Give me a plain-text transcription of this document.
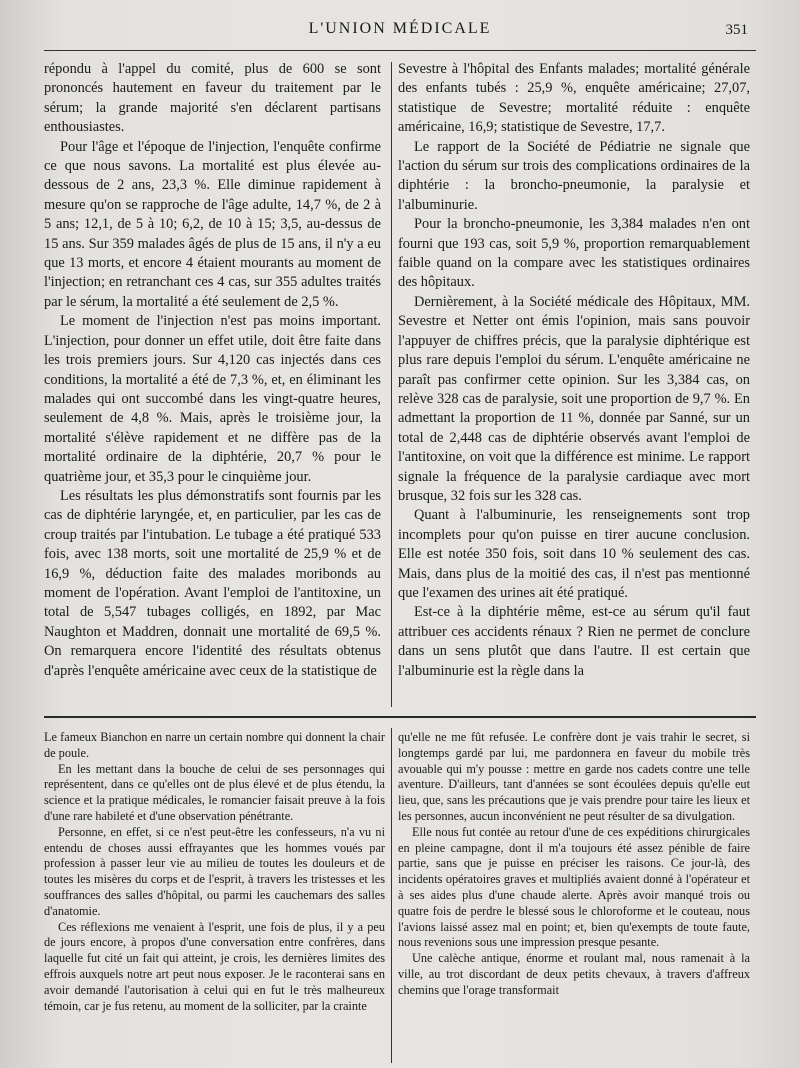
L'UNION MÉDICALE	351

répondu à l'appel du comité, plus de 600 se sont prononcés hautement en faveur du traitement par le sérum; la grande majorité s'en déclarent partisans enthousiastes.

Pour l'âge et l'époque de l'injection, l'enquête confirme ce que nous savons. La mortalité est plus élevée au-dessous de 2 ans, 23,3 %. Elle diminue rapidement à mesure qu'on se rapproche de l'âge adulte, 14,7 %, de 2 à 5 ans; 12,1, de 5 à 10; 6,2, de 10 à 15; 3,5, au-dessus de 15 ans. Sur 359 malades âgés de plus de 15 ans, il n'y a eu que 13 morts, et encore 4 étaient mourants au moment de l'injection; en retranchant ces 4 cas, sur 355 adultes traités par le sérum, la mortalité a été seulement de 2,5 %.

Le moment de l'injection n'est pas moins important. L'injection, pour donner un effet utile, doit être faite dans les trois premiers jours. Sur 4,120 cas injectés dans ces conditions, la mortalité a été de 7,3 %, et, en éliminant les malades qui ont succombé dans les vingt-quatre heures, seulement de 4,8 %. Mais, après le troisième jour, la mortalité s'élève rapidement et ne diffère pas de la mortalité ordinaire de la diphtérie, 20,7 % pour le quatrième jour, et 35,3 pour le cinquième jour.

Les résultats les plus démonstratifs sont fournis par les cas de diphtérie laryngée, et, en particulier, par les cas de croup traités par l'intubation. Le tubage a été pratiqué 533 fois, avec 138 morts, soit une mortalité de 25,9 % et de 16,9 %, déduction faite des malades moribonds au moment de l'opération. Avant l'emploi de l'antitoxine, un total de 5,547 tubages colligés, en 1892, par Mac Naughton et Maddren, donnait une mortalité de 69,5 %. On remarquera encore l'identité des résultats obtenus d'après l'enquête américaine avec ceux de la statistique de

Sevestre à l'hôpital des Enfants malades; mortalité générale des enfants tubés : 25,9 %, enquête américaine; 27,07, statistique de Sevestre; mortalité réduite : enquête américaine, 16,9; statistique de Sevestre, 17,7.

Le rapport de la Société de Pédiatrie ne signale que l'action du sérum sur trois des complications ordinaires de la diphtérie : la broncho-pneumonie, la paralysie et l'albuminurie.

Pour la broncho-pneumonie, les 3,384 malades n'en ont fourni que 193 cas, soit 5,9 %, proportion remarquablement faible quand on la compare avec les statistiques ordinaires des hôpitaux.

Dernièrement, à la Société médicale des Hôpitaux, MM. Sevestre et Netter ont émis l'opinion, mais sans pouvoir l'appuyer de chiffres précis, que la paralysie diphtérique est plus rare depuis l'emploi du sérum. L'enquête américaine ne paraît pas confirmer cette opinion. Sur les 3,384 cas, on relève 328 cas de paralysie, soit une proportion de 9,7 %. En admettant la proportion de 11 %, donnée par Sanné, sur un total de 2,448 cas de diphtérie observés avant l'emploi de l'antitoxine, on voit que la différence est minime. Le rapport signale la fréquence de la paralysie cardiaque avec mort brusque, 32 fois sur les 328 cas.

Quant à l'albuminurie, les renseignements sont trop incomplets pour qu'on puisse en tirer aucune conclusion. Elle est notée 350 fois, soit dans 10 % seulement des cas. Mais, dans plus de la moitié des cas, il n'est pas mentionné que l'examen des urines ait été pratiqué.

Est-ce à la diphtérie même, est-ce au sérum qu'il faut attribuer ces accidents rénaux ? Rien ne permet de conclure dans un sens plutôt que dans l'autre. Il est certain que l'albuminurie est la règle dans la

Le fameux Bianchon en narre un certain nombre qui donnent la chair de poule.

En les mettant dans la bouche de celui de ses personnages qui représentent, dans ce qu'elles ont de plus élevé et de plus étendu, la science et la pratique médicales, le romancier faisait preuve à la fois d'une rare habileté et d'une observation pénétrante.

Personne, en effet, si ce n'est peut-être les confesseurs, n'a vu ni entendu de choses aussi effrayantes que les hommes voués par profession à passer leur vie au milieu de toutes les douleurs et de toutes les misères du corps et de l'esprit, à travers les tristesses et les souffrances des salles d'hôpital, ou parmi les cauchemars des salles d'anatomie.

Ces réflexions me venaient à l'esprit, une fois de plus, il y a peu de jours encore, à propos d'une conversation entre confrères, dans laquelle fut cité un fait qui atteint, je crois, les dernières limites des effrois auxquels notre art peut nous exposer. Je le raconterai sans en avoir demandé l'autorisation à celui qui en fut le très malheureux témoin, car je fus retenu, au moment de la solliciter, par la crainte

qu'elle ne me fût refusée. Le confrère dont je vais trahir le secret, si longtemps gardé par lui, me pardonnera en faveur du mobile très avouable qui m'y pousse : mettre en garde nos cadets contre une telle aventure. D'ailleurs, tant d'années se sont écoulées depuis qu'elle eut lieu, que, sans les précautions que je vais prendre pour taire les lieux et les personnes, aucun inconvénient ne peut résulter de sa divulgation.

Elle nous fut contée au retour d'une de ces expéditions chirurgicales en pleine campagne, dont il m'a toujours été assez pénible de faire partie, sans que je puisse en préciser les raisons. Ce jour-là, des incidents opératoires graves et multipliés avaient donné à l'opérateur et à ses aides plus d'une chaude alerte. Après avoir manqué trois ou quatre fois de perdre le blessé sous le chloroforme et le couteau, nous l'avions laissé assez mal en point; et, bien qu'exempts de toute faute, nous revenions sous une impression presque pesante.

Une calèche antique, énorme et roulant mal, nous ramenait à la ville, au trot discordant de deux petits chevaux, à travers d'affreux chemins que l'orage transformait
